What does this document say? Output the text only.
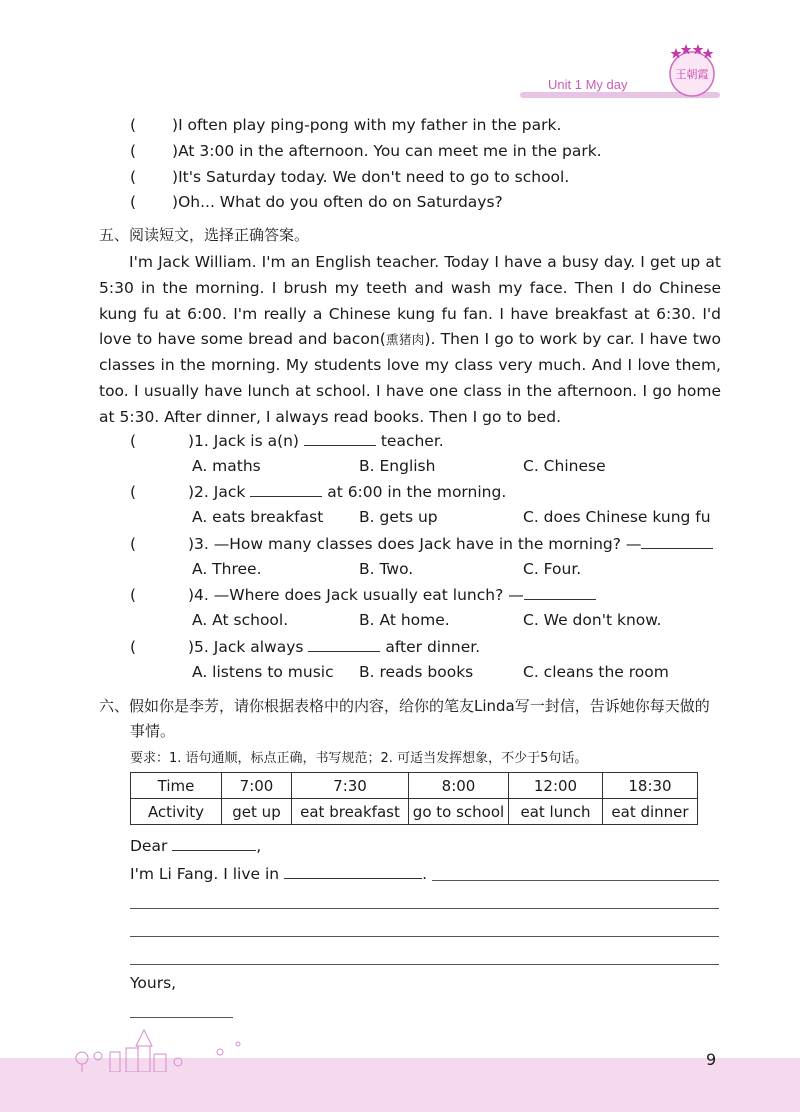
Unit 1 My day
王朝霞
( )I often play ping-pong with my father in the park.
( )At 3:00 in the afternoon. You can meet me in the park.
( )It's Saturday today. We don't need to go to school.
( )Oh... What do you often do on Saturdays?
五、阅读短文，选择正确答案。

I'm Jack William. I'm an English teacher. Today I have a busy day. I get up at 5:30 in the morning. I brush my teeth and wash my face. Then I do Chinese kung fu at 6:00. I'm really a Chinese kung fu fan. I have breakfast at 6:30. I'd love to have some bread and bacon(熏猪肉). Then I go to work by car. I have two classes in the morning. My students love my class very much. And I love them, too. I usually have lunch at school. I have one class in the afternoon. I go home at 5:30. After dinner, I always read books. Then I go to bed.

(	)1. Jack is a(n)	teacher.
A. maths	B. English	C. Chinese
(	)2. Jack	at 6:00 in the morning.
A. eats breakfast B. gets up	C. does Chinese kung fu
(	)3. —How many classes does Jack have in the morning? —
A. Three.	B. Two.	C. Four.
(	)4. —Where does Jack usually eat lunch? —
A. At school.	B. At home.	C. We don't know.
(	)5. Jack always	after dinner.
A. listens to music B. reads books	C. cleans the room
六、假如你是李芳，请你根据表格中的内容，给你的笔友Linda写一封信，告诉她你每天做的
事情。
要求：1. 语句通顺，标点正确，书写规范；2. 可适当发挥想象，不少于5句话。
Time	7:00	7:30	8:00	12:00	18:30
Activity	get up	eat breakfast	go to school	eat lunch	eat dinner
Dear	,
I'm Li Fang. I live in	.
Yours,
9
